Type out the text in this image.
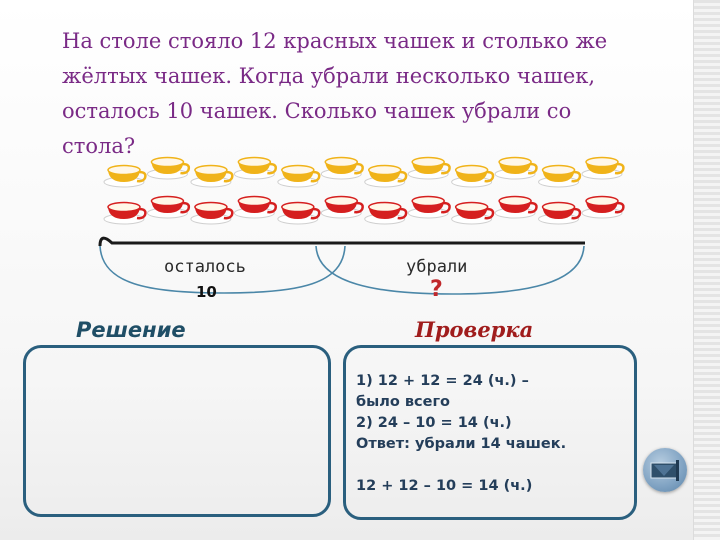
На столе стояло 12 красных чашек и столько же
жёлтых чашек. Когда убрали несколько чашек,
осталось 10 чашек. Сколько чашек убрали со
стола?
осталось
10
убрали
?
Решение	Проверка
1) 12 + 12 = 24 (ч.) –
было всего
2) 24 – 10 = 14 (ч.)
Ответ: убрали 14 чашек.
12 + 12 – 10 = 14 (ч.)
